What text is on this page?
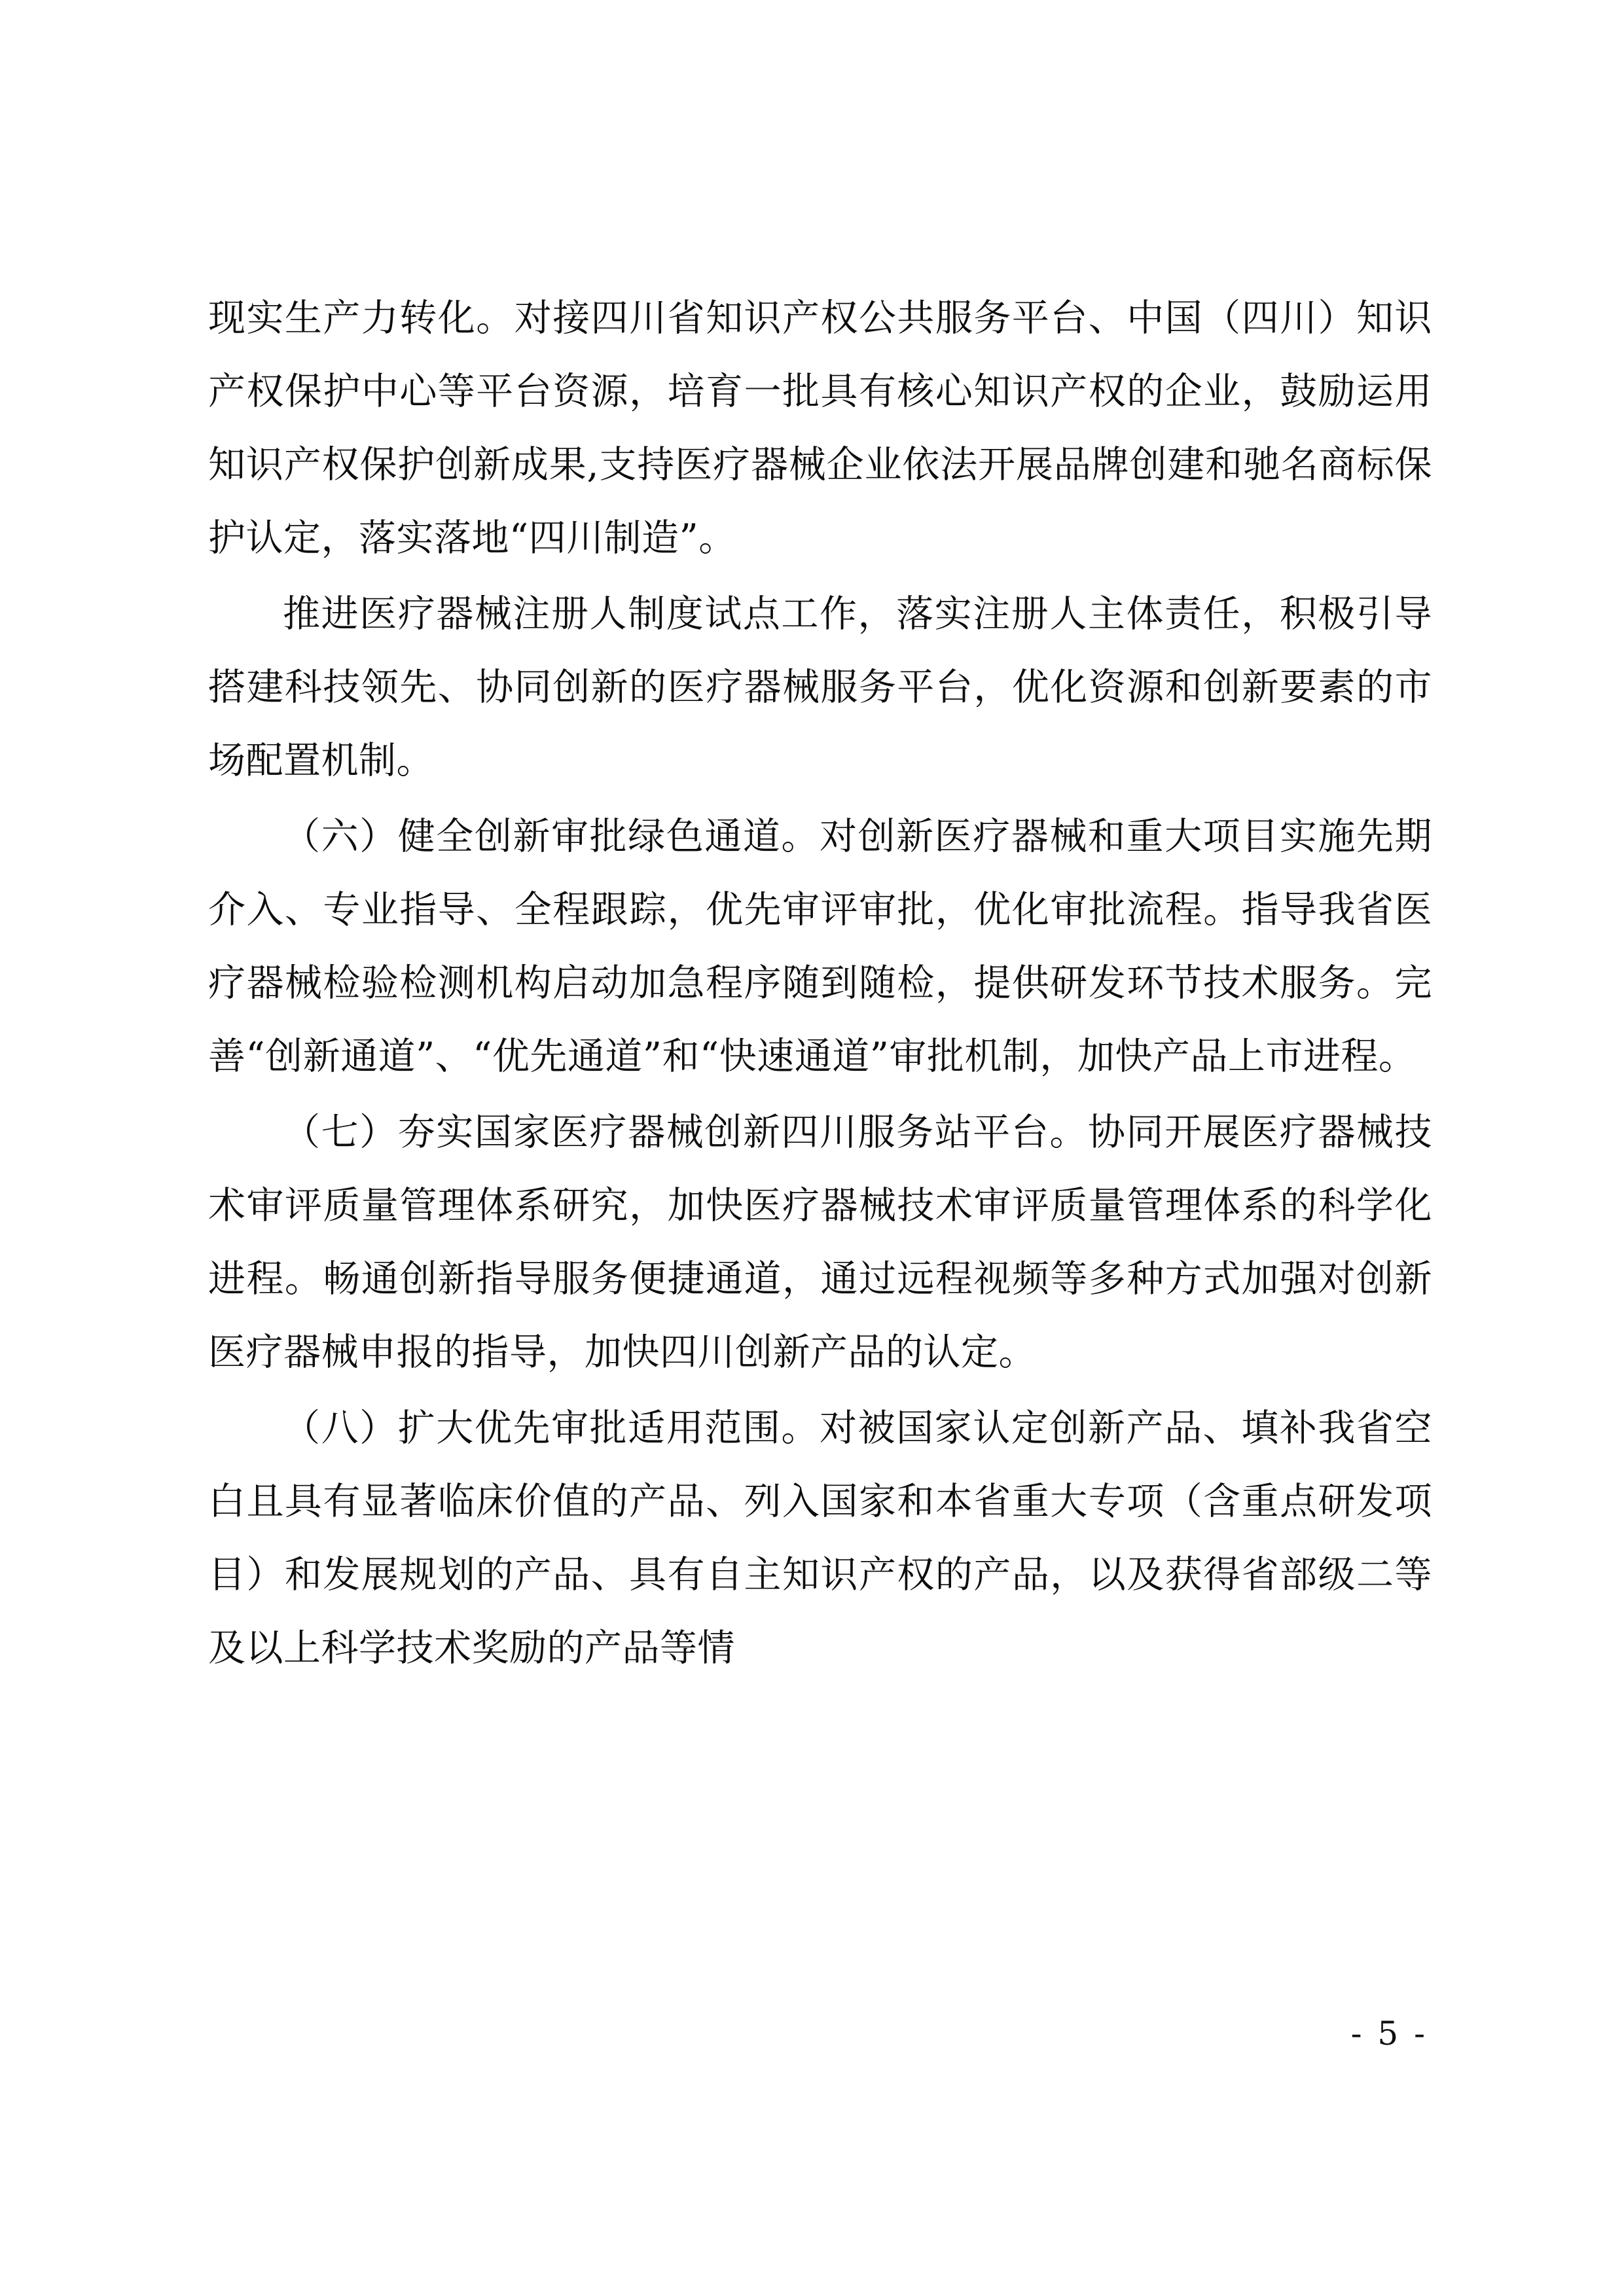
现实生产力转化。对接四川省知识产权公共服务平台、中国（四川）知识产权保护中心等平台资源，培育一批具有核心知识产权的企业，鼓励运用知识产权保护创新成果,支持医疗器械企业依法开展品牌创建和驰名商标保护认定，落实落地“四川制造”。

推进医疗器械注册人制度试点工作，落实注册人主体责任，积极引导搭建科技领先、协同创新的医疗器械服务平台，优化资源和创新要素的市场配置机制。

（六）健全创新审批绿色通道。对创新医疗器械和重大项目实施先期介入、专业指导、全程跟踪，优先审评审批，优化审批流程。指导我省医疗器械检验检测机构启动加急程序随到随检，提供研发环节技术服务。完善“创新通道”、“优先通道”和“快速通道”审批机制，加快产品上市进程。

（七）夯实国家医疗器械创新四川服务站平台。协同开展医疗器械技术审评质量管理体系研究，加快医疗器械技术审评质量管理体系的科学化进程。畅通创新指导服务便捷通道，通过远程视频等多种方式加强对创新医疗器械申报的指导，加快四川创新产品的认定。

（八）扩大优先审批适用范围。对被国家认定创新产品、填补我省空白且具有显著临床价值的产品、列入国家和本省重大专项（含重点研发项目）和发展规划的产品、具有自主知识产权的产品，以及获得省部级二等及以上科学技术奖励的产品等情

- 5 -
